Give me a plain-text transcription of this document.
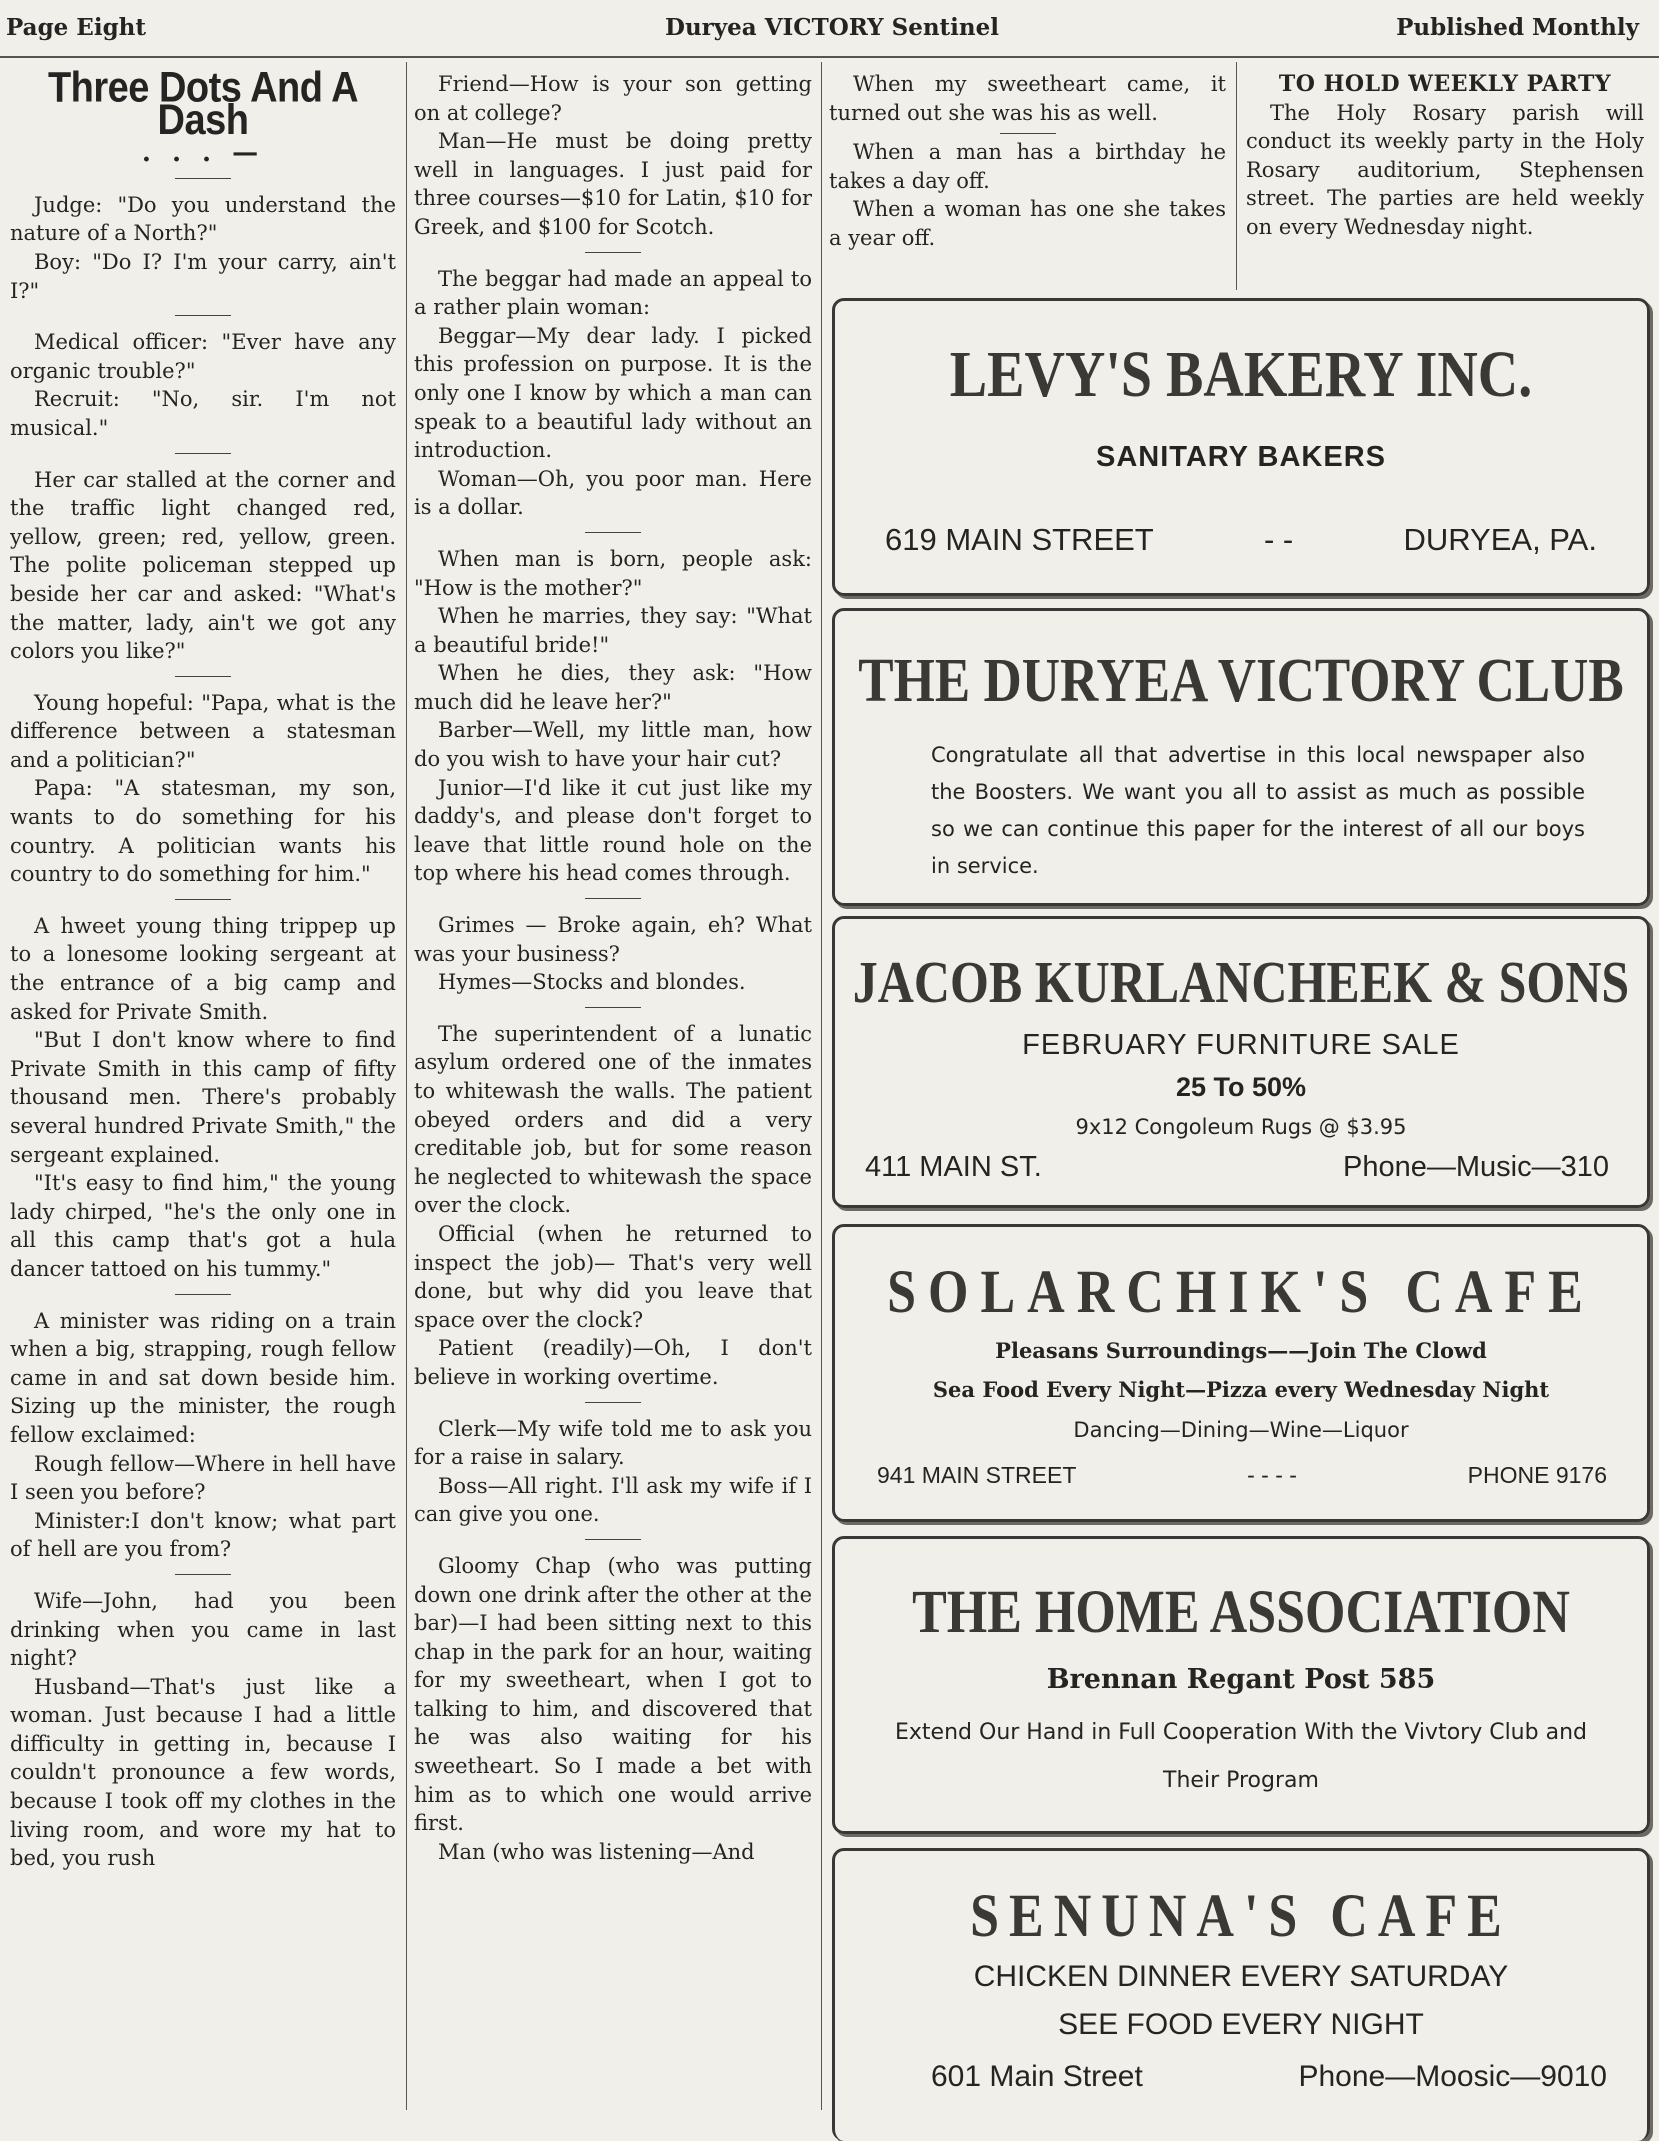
Page Eight	Duryea VICTORY Sentinel	Published Monthly
Three Dots And A Dash
. . . —

Judge: "Do you understand the nature of a North?"

Boy: "Do I? I'm your carry, ain't I?"

Medical officer: "Ever have any organic trouble?"

Recruit: "No, sir. I'm not musical."

Her car stalled at the corner and the traffic light changed red, yellow, green; red, yellow, green. The polite policeman stepped up beside her car and asked: "What's the matter, lady, ain't we got any colors you like?"

Young hopeful: "Papa, what is the difference between a statesman and a politician?"

Papa: "A statesman, my son, wants to do something for his country. A politician wants his country to do something for him."

A hweet young thing trippep up to a lonesome looking sergeant at the entrance of a big camp and asked for Private Smith.

"But I don't know where to find Private Smith in this camp of fifty thousand men. There's probably several hundred Private Smith," the sergeant explained.

"It's easy to find him," the young lady chirped, "he's the only one in all this camp that's got a hula dancer tattoed on his tummy."

A minister was riding on a train when a big, strapping, rough fellow came in and sat down beside him. Sizing up the minister, the rough fellow exclaimed:

Rough fellow—Where in hell have I seen you before?

Minister:I don't know; what part of hell are you from?

Wife—John, had you been drinking when you came in last night?

Husband—That's just like a woman. Just because I had a little difficulty in getting in, because I couldn't pronounce a few words, because I took off my clothes in the living room, and wore my hat to bed, you rush

Friend—How is your son getting on at college?

Man—He must be doing pretty well in languages. I just paid for three courses—$10 for Latin, $10 for Greek, and $100 for Scotch.

The beggar had made an appeal to a rather plain woman:

Beggar—My dear lady. I picked this profession on purpose. It is the only one I know by which a man can speak to a beautiful lady without an introduction.

Woman—Oh, you poor man. Here is a dollar.

When man is born, people ask: "How is the mother?"

When he marries, they say: "What a beautiful bride!"

When he dies, they ask: "How much did he leave her?"

Barber—Well, my little man, how do you wish to have your hair cut?

Junior—I'd like it cut just like my daddy's, and please don't forget to leave that little round hole on the top where his head comes through.

Grimes — Broke again, eh? What was your business?

Hymes—Stocks and blondes.

The superintendent of a lunatic asylum ordered one of the inmates to whitewash the walls. The patient obeyed orders and did a very creditable job, but for some reason he neglected to whitewash the space over the clock.

Official (when he returned to inspect the job)— That's very well done, but why did you leave that space over the clock?

Patient (readily)—Oh, I don't believe in working overtime.

Clerk—My wife told me to ask you for a raise in salary.

Boss—All right. I'll ask my wife if I can give you one.

Gloomy Chap (who was putting down one drink after the other at the bar)—I had been sitting next to this chap in the park for an hour, waiting for my sweetheart, when I got to talking to him, and discovered that he was also waiting for his sweetheart. So I made a bet with him as to which one would arrive first.

Man (who was listening—And

When my sweetheart came, it turned out she was his as well.

When a man has a birthday he takes a day off.

When a woman has one she takes a year off.

TO HOLD WEEKLY PARTY

The Holy Rosary parish will conduct its weekly party in the Holy Rosary auditorium, Stephensen street. The parties are held weekly on every Wednesday night.

LEVY'S BAKERY INC.
SANITARY BAKERS
619 MAIN STREET	- -	DURYEA, PA.
THE DURYEA VICTORY CLUB
Congratulate all that advertise in this local newspaper also the Boosters. We want you all to assist as much as possible so we can continue this paper for the interest of all our boys in service.
JACOB KURLANCHEEK & SONS
FEBRUARY FURNITURE SALE
25 To 50%
9x12 Congoleum Rugs @ $3.95
411 MAIN ST.	Phone—Music—310
SOLARCHIK'S CAFE
Pleasans Surroundings——Join The Clowd
Sea Food Every Night—Pizza every Wednesday Night
Dancing—Dining—Wine—Liquor
941 MAIN STREET	- - - -	PHONE 9176
THE HOME ASSOCIATION
Brennan Regant Post 585
Extend Our Hand in Full Cooperation With the Vivtory Club and Their Program
SENUNA'S CAFE
CHICKEN DINNER EVERY SATURDAY
SEE FOOD EVERY NIGHT
601 Main Street	Phone—Moosic—9010
